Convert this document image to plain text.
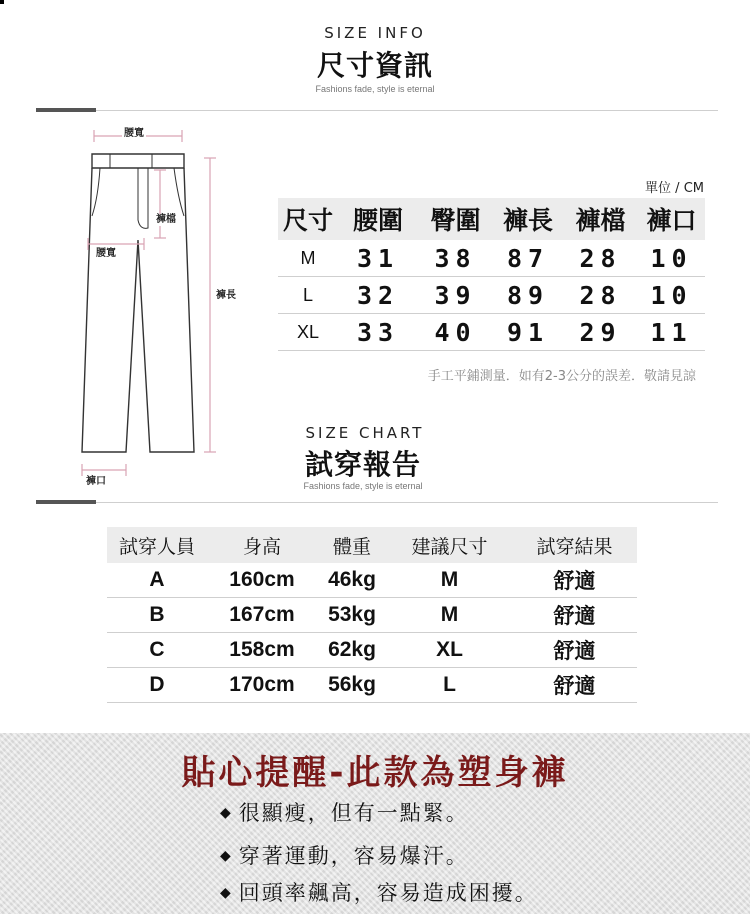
SIZE INFO
尺寸資訊
Fashions fade, style is eternal
腰寬
褲檔
腰寬
褲長
褲口
單位 / CM
尺寸 腰圍	臀圍 褲長 褲檔 褲口
M	31	38	87	28	10
L	32	39	89	28	10
XL	33	40	91	29	11
手工平鋪測量．如有2-3公分的誤差．敬請見諒
SIZE CHART
試穿報告
Fashions fade, style is eternal
試穿人員	身高	體重	建議尺寸	試穿結果
A	160cm	46kg	M	舒適
B	167cm	53kg	M	舒適
C	158cm	62kg	XL	舒適
D	170cm	56kg	L	舒適
貼心提醒-此款為塑身褲
◆ 很顯瘦，但有一點緊。
◆ 穿著運動，容易爆汗。
◆ 回頭率飆高，容易造成困擾。
